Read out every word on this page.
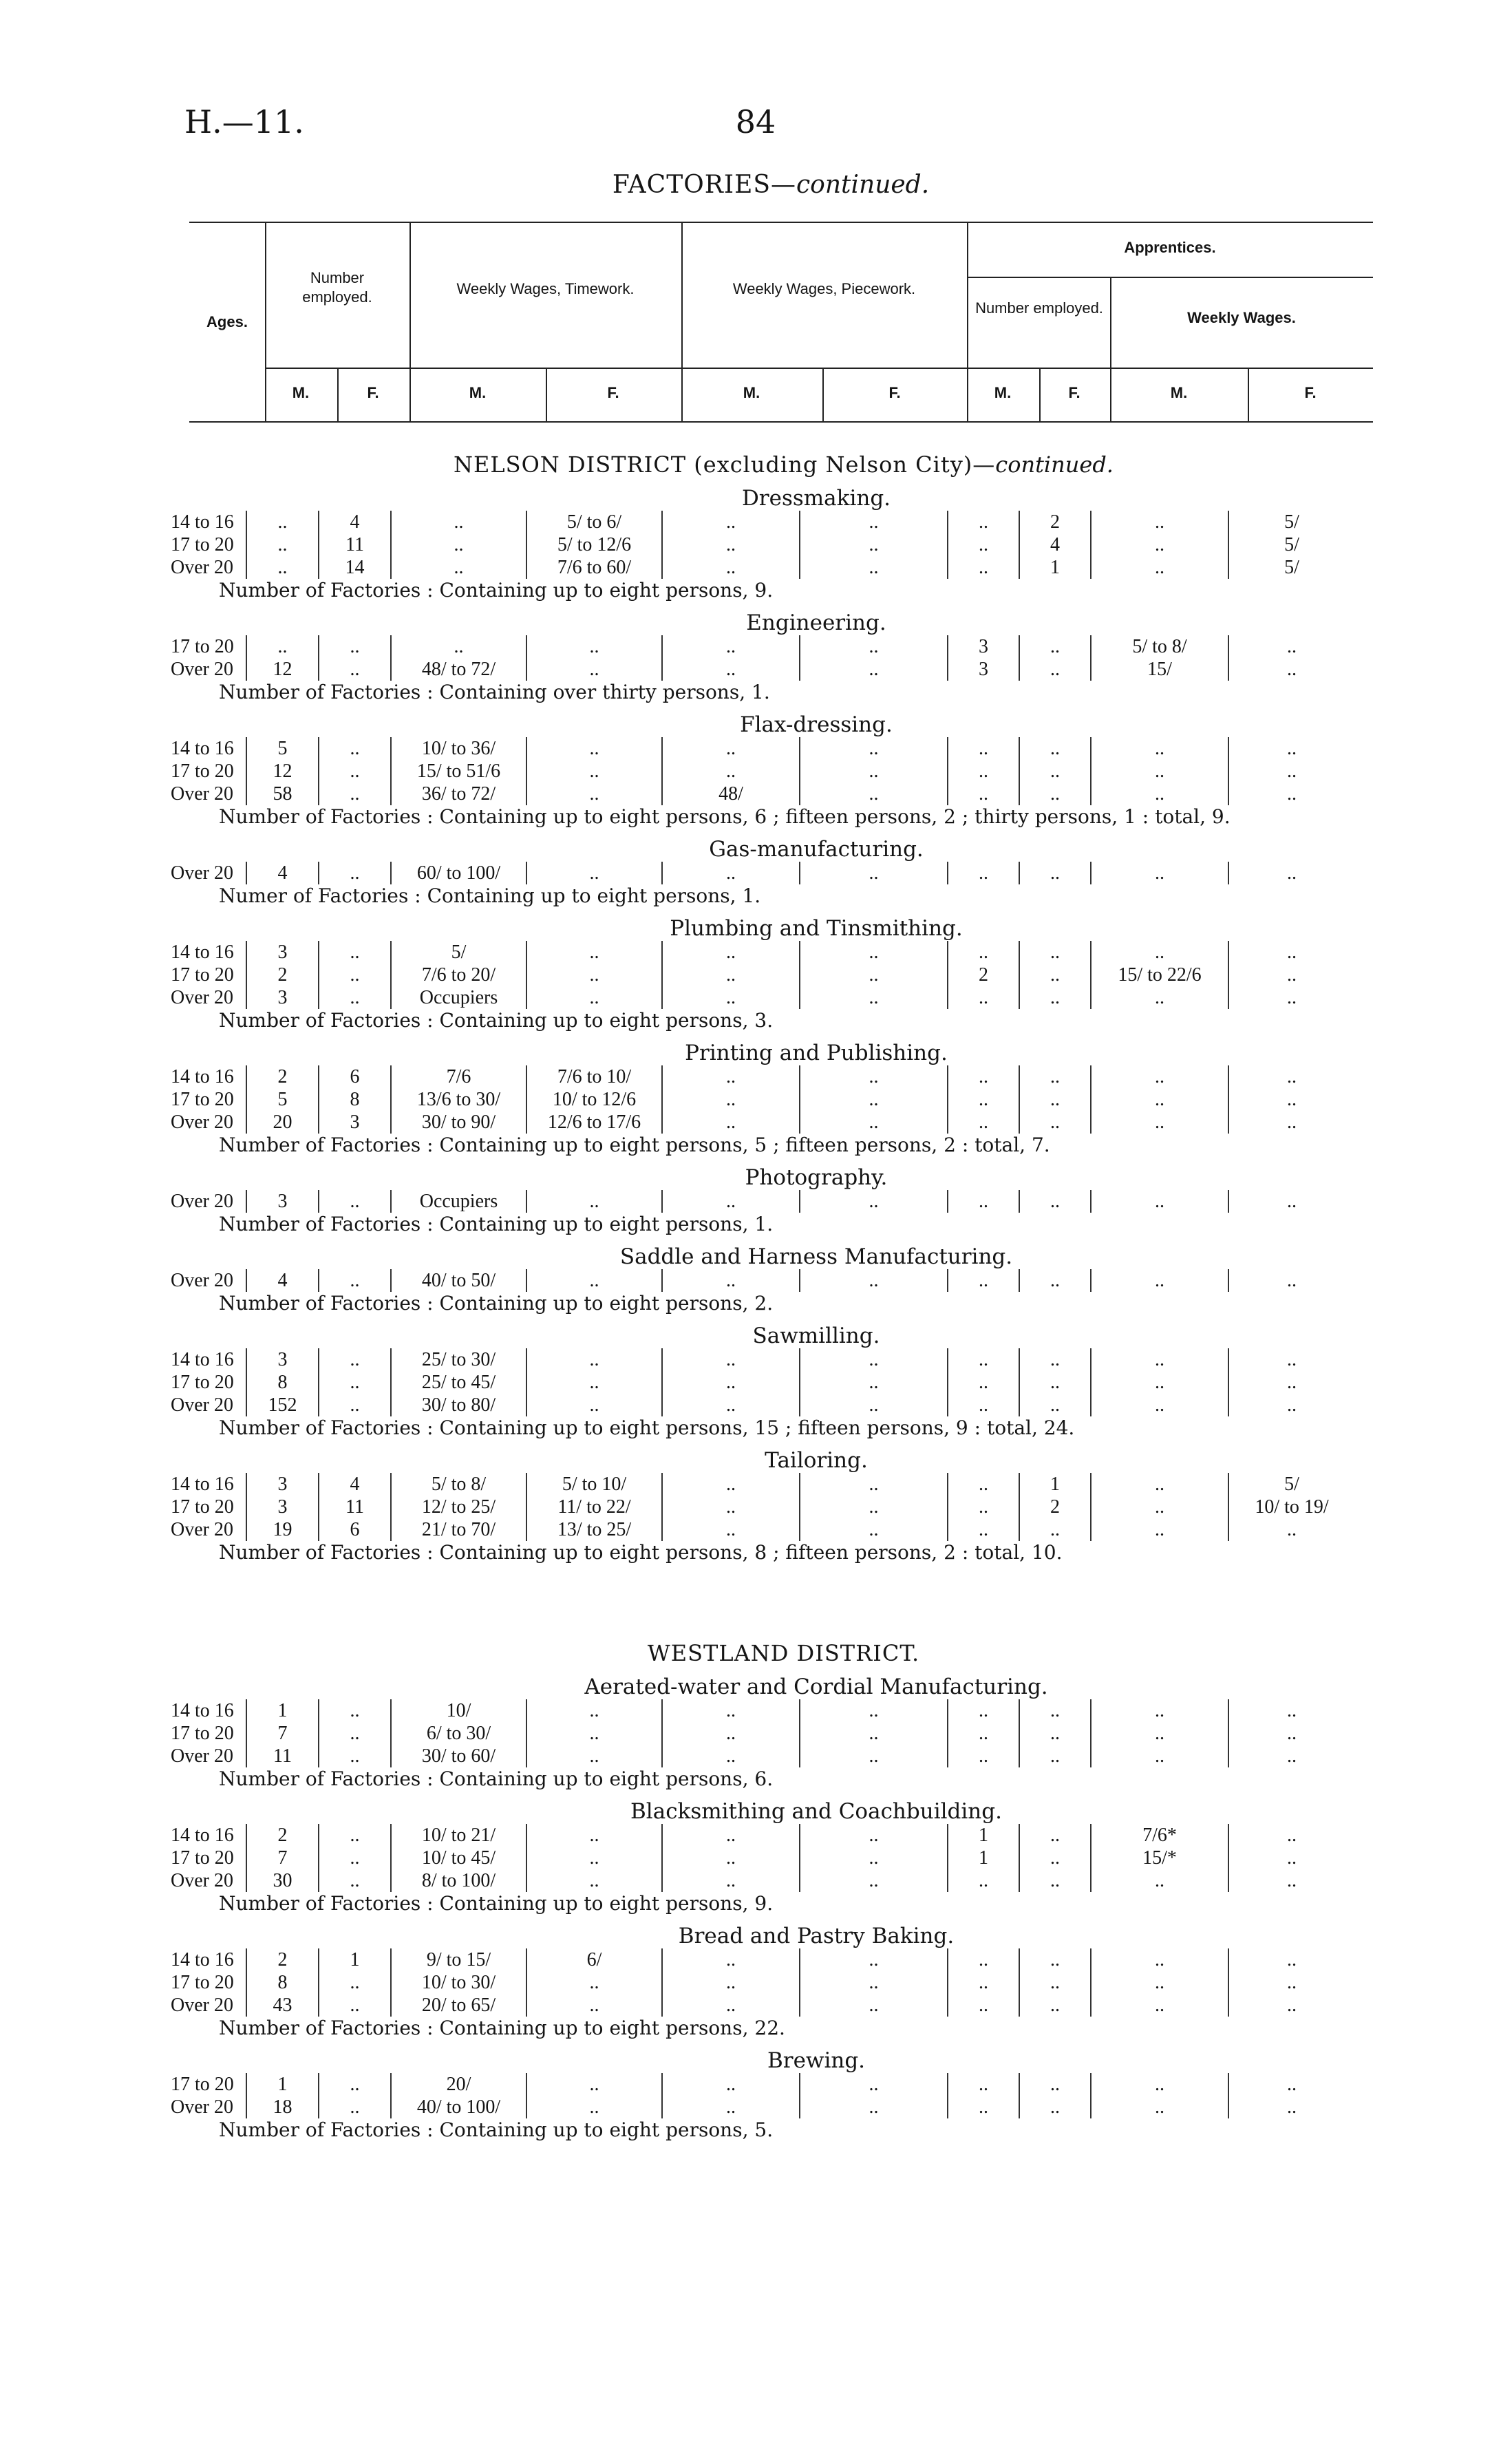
H.—11.	84
FACTORIES—continued.
Ages.
Number employed.	Weekly Wages, Timework.	Weekly Wages, Piecework.
Apprentices.
Number employed.
Weekly Wages.
M.	F.	M.	F.	M.	F.	M.	F.	M.	F.
NELSON DISTRICT (excluding Nelson City)—continued.
Dressmaking.
14 to 16	..	4	..	5/ to 6/	..	..	..	2	..	5/
17 to 20	..	11	..	5/ to 12/6	..	..	..	4	..	5/
Over 20	..	14	..	7/6 to 60/	..	..	..	1	..	5/
Number of Factories : Containing up to eight persons, 9.
Engineering.
17 to 20	..	..	..	..	..	..	3	..	5/ to 8/	..
Over 20	12	..	48/ to 72/	..	..	..	3	..	15/	..
Number of Factories : Containing over thirty persons, 1.
Flax-dressing.
14 to 16	5	..	10/ to 36/	..	..	..	..	..	..	..
17 to 20	12	..	15/ to 51/6	..	..	..	..	..	..	..
Over 20	58	..	36/ to 72/	..	48/	..	..	..	..	..
Number of Factories : Containing up to eight persons, 6 ; fifteen persons, 2 ; thirty persons, 1 : total, 9.
Gas-manufacturing.
Over 20	4	..	60/ to 100/	..	..	..	..	..	..	..
Numer of Factories : Containing up to eight persons, 1.
Plumbing and Tinsmithing.
14 to 16	3	..	5/	..	..	..	..	..	..	..
17 to 20	2	..	7/6 to 20/	..	..	..	2	..	15/ to 22/6	..
Over 20	3	..	Occupiers	..	..	..	..	..	..	..
Number of Factories : Containing up to eight persons, 3.
Printing and Publishing.
14 to 16	2	6	7/6	7/6 to 10/	..	..	..	..	..	..
17 to 20	5	8	13/6 to 30/	10/ to 12/6	..	..	..	..	..	..
Over 20	20	3	30/ to 90/	12/6 to 17/6	..	..	..	..	..	..
Number of Factories : Containing up to eight persons, 5 ; fifteen persons, 2 : total, 7.
Photography.
Over 20	3	..	Occupiers	..	..	..	..	..	..	..
Number of Factories : Containing up to eight persons, 1.
Saddle and Harness Manufacturing.
Over 20	4	..	40/ to 50/	..	..	..	..	..	..	..
Number of Factories : Containing up to eight persons, 2.
Sawmilling.
14 to 16	3	..	25/ to 30/	..	..	..	..	..	..	..
17 to 20	8	..	25/ to 45/	..	..	..	..	..	..	..
Over 20	152	..	30/ to 80/	..	..	..	..	..	..	..
Number of Factories : Containing up to eight persons, 15 ; fifteen persons, 9 : total, 24.
Tailoring.
14 to 16	3	4	5/ to 8/	5/ to 10/	..	..	..	1	..	5/
17 to 20	3	11	12/ to 25/	11/ to 22/	..	..	..	2	..	10/ to 19/
Over 20	19	6	21/ to 70/	13/ to 25/	..	..	..	..	..	..
Number of Factories : Containing up to eight persons, 8 ; fifteen persons, 2 : total, 10.
WESTLAND DISTRICT.
Aerated-water and Cordial Manufacturing.
14 to 16	1	..	10/	..	..	..	..	..	..	..
17 to 20	7	..	6/ to 30/	..	..	..	..	..	..	..
Over 20	11	..	30/ to 60/	..	..	..	..	..	..	..
Number of Factories : Containing up to eight persons, 6.
Blacksmithing and Coachbuilding.
14 to 16	2	..	10/ to 21/	..	..	..	1	..	7/6*	..
17 to 20	7	..	10/ to 45/	..	..	..	1	..	15/*	..
Over 20	30	..	8/ to 100/	..	..	..	..	..	..	..
Number of Factories : Containing up to eight persons, 9.
Bread and Pastry Baking.
14 to 16	2	1	9/ to 15/	6/	..	..	..	..	..	..
17 to 20	8	..	10/ to 30/	..	..	..	..	..	..	..
Over 20	43	..	20/ to 65/	..	..	..	..	..	..	..
Number of Factories : Containing up to eight persons, 22.
Brewing.
17 to 20	1	..	20/	..	..	..	..	..	..	..
Over 20	18	..	40/ to 100/	..	..	..	..	..	..	..
Number of Factories : Containing up to eight persons, 5.
